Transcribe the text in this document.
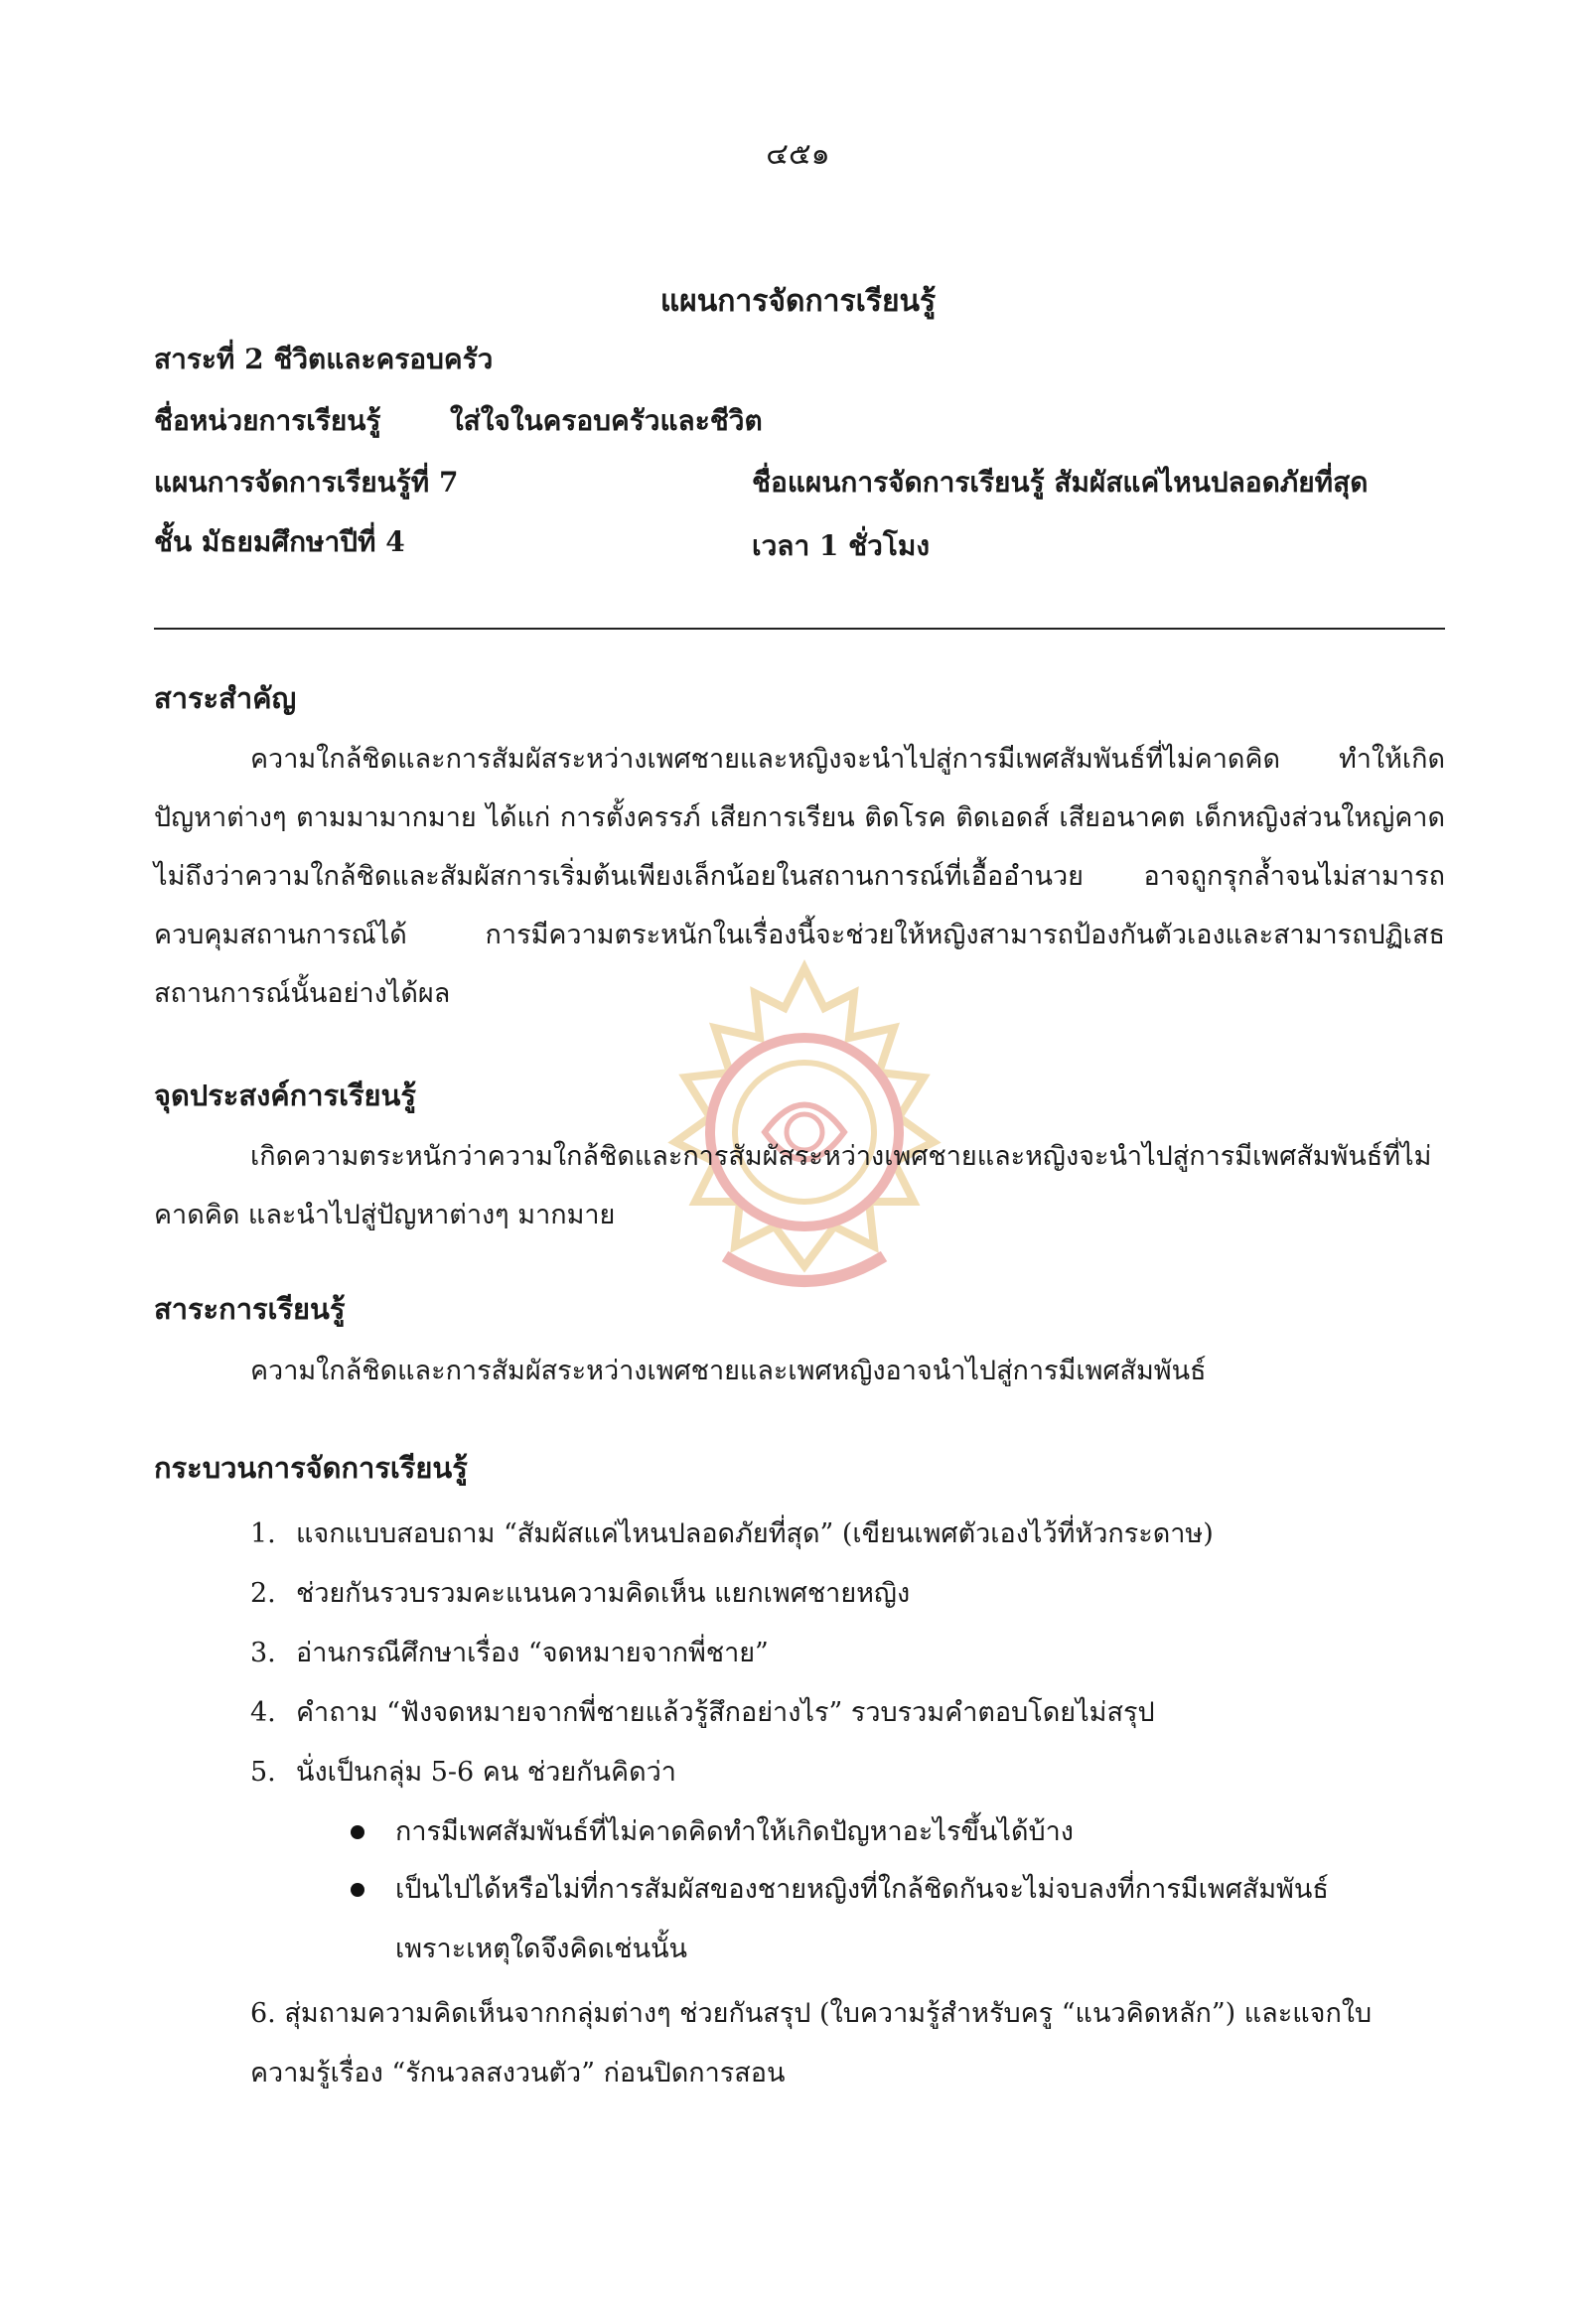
๔๕๑
แผนการจัดการเรียนรู้
สาระที่ 2 ชีวิตและครอบครัว
ชื่อหน่วยการเรียนรู้ ใส่ใจในครอบครัวและชีวิต
แผนการจัดการเรียนรู้ที่ 7	ชื่อแผนการจัดการเรียนรู้ สัมผัสแค่ไหนปลอดภัยที่สุด
ชั้น มัธยมศึกษาปีที่ 4	เวลา 1 ชั่วโมง
สาระสำคัญ
ความใกล้ชิดและการสัมผัสระหว่างเพศชายและหญิงจะนำไปสู่การมีเพศสัมพันธ์ที่ไม่คาดคิด ทำให้เกิดปัญหาต่างๆ ตามมามากมาย ได้แก่ การตั้งครรภ์ เสียการเรียน ติดโรค ติดเอดส์ เสียอนาคต เด็กหญิงส่วนใหญ่คาดไม่ถึงว่าความใกล้ชิดและสัมผัสการเริ่มต้นเพียงเล็กน้อยในสถานการณ์ที่เอื้ออำนวย อาจถูกรุกล้ำจนไม่สามารถควบคุมสถานการณ์ได้ การมีความตระหนักในเรื่องนี้จะช่วยให้หญิงสามารถป้องกันตัวเองและสามารถปฏิเสธสถานการณ์นั้นอย่างได้ผล
จุดประสงค์การเรียนรู้
เกิดความตระหนักว่าความใกล้ชิดและการสัมผัสระหว่างเพศชายและหญิงจะนำไปสู่การมีเพศสัมพันธ์ที่ไม่คาดคิด และนำไปสู่ปัญหาต่างๆ มากมาย
สาระการเรียนรู้
ความใกล้ชิดและการสัมผัสระหว่างเพศชายและเพศหญิงอาจนำไปสู่การมีเพศสัมพันธ์
กระบวนการจัดการเรียนรู้
1. แจกแบบสอบถาม “สัมผัสแค่ไหนปลอดภัยที่สุด” (เขียนเพศตัวเองไว้ที่หัวกระดาษ)
2. ช่วยกันรวบรวมคะแนนความคิดเห็น แยกเพศชายหญิง
3. อ่านกรณีศึกษาเรื่อง “จดหมายจากพี่ชาย”
4. คำถาม “ฟังจดหมายจากพี่ชายแล้วรู้สึกอย่างไร” รวบรวมคำตอบโดยไม่สรุป
5. นั่งเป็นกลุ่ม 5-6 คน ช่วยกันคิดว่า
การมีเพศสัมพันธ์ที่ไม่คาดคิดทำให้เกิดปัญหาอะไรขึ้นได้บ้าง
เป็นไปได้หรือไม่ที่การสัมผัสของชายหญิงที่ใกล้ชิดกันจะไม่จบลงที่การมีเพศสัมพันธ์
เพราะเหตุใดจึงคิดเช่นนั้น
6. สุ่มถามความคิดเห็นจากกลุ่มต่างๆ ช่วยกันสรุป (ใบความรู้สำหรับครู “แนวคิดหลัก”) และแจกใบ
ความรู้เรื่อง “รักนวลสงวนตัว” ก่อนปิดการสอน
